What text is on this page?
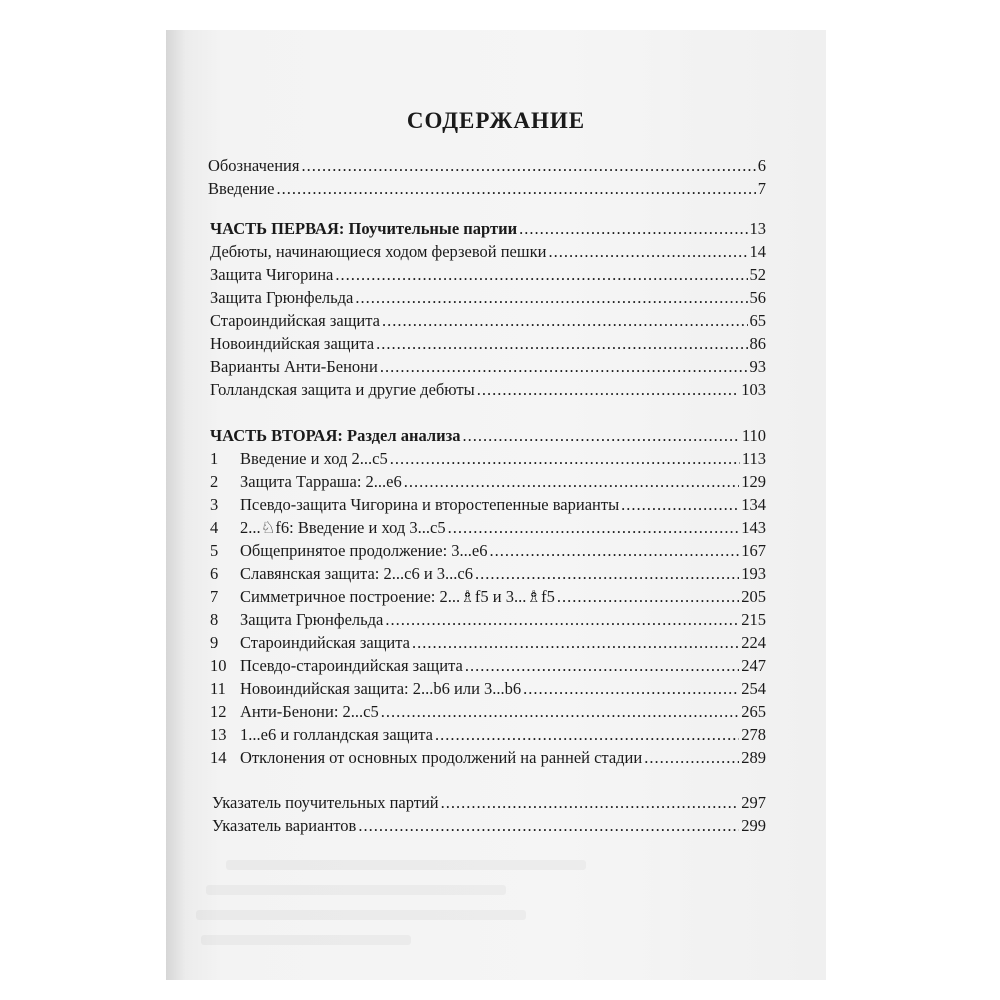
СОДЕРЖАНИЕ
Обозначения .....	6
Введение .....	7
ЧАСТЬ ПЕРВАЯ: Поучительные партии .....	13
Дебюты, начинающиеся ходом ферзевой пешки .....	14
Защита Чигорина .....	52
Защита Грюнфельда .....	56
Староиндийская защита .....	65
Новоиндийская защита .....	86
Варианты Анти-Бенони .....	93
Голландская защита и другие дебюты .....	103
ЧАСТЬ ВТОРАЯ: Раздел анализа .....	110
1	Введение и ход 2...с5 .....	113
2	Защита Тарраша: 2...е6 .....	129
3	Псевдо-защита Чигорина и второстепенные варианты .....	134
4	2...♘f6: Введение и ход 3...с5 .....	143
5	Общепринятое продолжение: 3...е6 .....	167
6	Славянская защита: 2...с6 и 3...с6 .....	193
7	Симметричное построение: 2...♗f5 и 3...♗f5 .....	205
8	Защита Грюнфельда .....	215
9	Староиндийская защита .....	224
10 Псевдо-староиндийская защита .....	247
11 Новоиндийская защита: 2...b6 или 3...b6 .....	254
12 Анти-Бенони: 2...с5 .....	265
13 1...е6 и голландская защита .....	278
14 Отклонения от основных продолжений на ранней стадии .....	289
Указатель поучительных партий .....	297
Указатель вариантов .....	299
